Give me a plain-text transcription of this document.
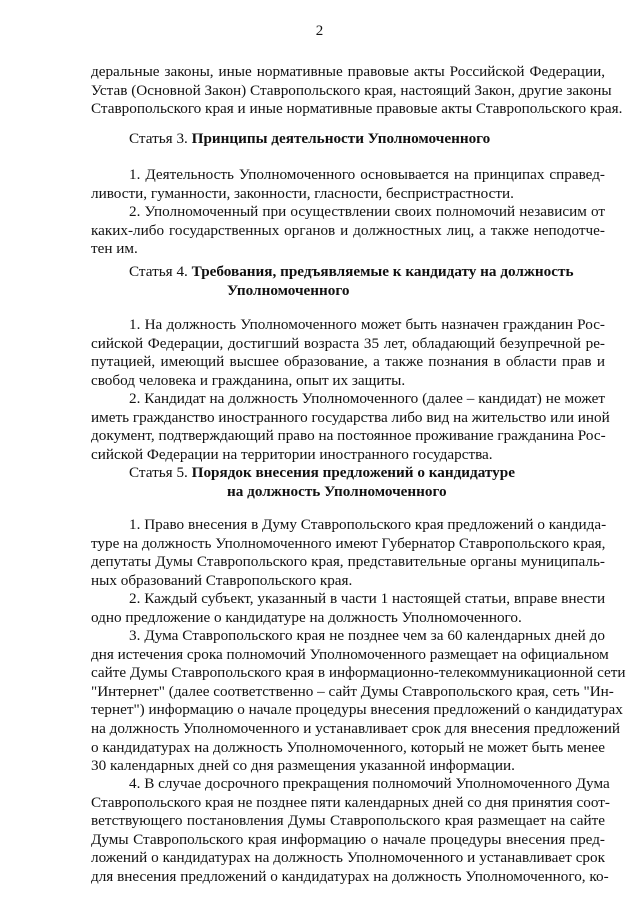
2
деральные законы, иные нормативные правовые акты Российской Федерации,
Устав (Основной Закон) Ставропольского края, настоящий Закон, другие законы
Ставропольского края и иные нормативные правовые акты Ставропольского края.
Статья 3. Принципы деятельности Уполномоченного
1. Деятельность Уполномоченного основывается на принципах справед-
ливости, гуманности, законности, гласности, беспристрастности.
2. Уполномоченный при осуществлении своих полномочий независим от
каких-либо государственных органов и должностных лиц, а также неподотче-
тен им.
Статья 4. Требования, предъявляемые к кандидату на должность
Уполномоченного
1. На должность Уполномоченного может быть назначен гражданин Рос-
сийской Федерации, достигший возраста 35 лет, обладающий безупречной ре-
путацией, имеющий высшее образование, а также познания в области прав и
свобод человека и гражданина, опыт их защиты.
2. Кандидат на должность Уполномоченного (далее – кандидат) не может
иметь гражданство иностранного государства либо вид на жительство или иной
документ, подтверждающий право на постоянное проживание гражданина Рос-
сийской Федерации на территории иностранного государства.
Статья 5. Порядок внесения предложений о кандидатуре
на должность Уполномоченного
1. Право внесения в Думу Ставропольского края предложений о кандида-
туре на должность Уполномоченного имеют Губернатор Ставропольского края,
депутаты Думы Ставропольского края, представительные органы муниципаль-
ных образований Ставропольского края.
2. Каждый субъект, указанный в части 1 настоящей статьи, вправе внести
одно предложение о кандидатуре на должность Уполномоченного.
3. Дума Ставропольского края не позднее чем за 60 календарных дней до
дня истечения срока полномочий Уполномоченного размещает на официальном
сайте Думы Ставропольского края в информационно-телекоммуникационной сети
"Интернет" (далее соответственно – сайт Думы Ставропольского края, сеть "Ин-
тернет") информацию о начале процедуры внесения предложений о кандидатурах
на должность Уполномоченного и устанавливает срок для внесения предложений
о кандидатурах на должность Уполномоченного, который не может быть менее
30 календарных дней со дня размещения указанной информации.
4. В случае досрочного прекращения полномочий Уполномоченного Дума
Ставропольского края не позднее пяти календарных дней со дня принятия соот-
ветствующего постановления Думы Ставропольского края размещает на сайте
Думы Ставропольского края информацию о начале процедуры внесения пред-
ложений о кандидатурах на должность Уполномоченного и устанавливает срок
для внесения предложений о кандидатурах на должность Уполномоченного, ко-
